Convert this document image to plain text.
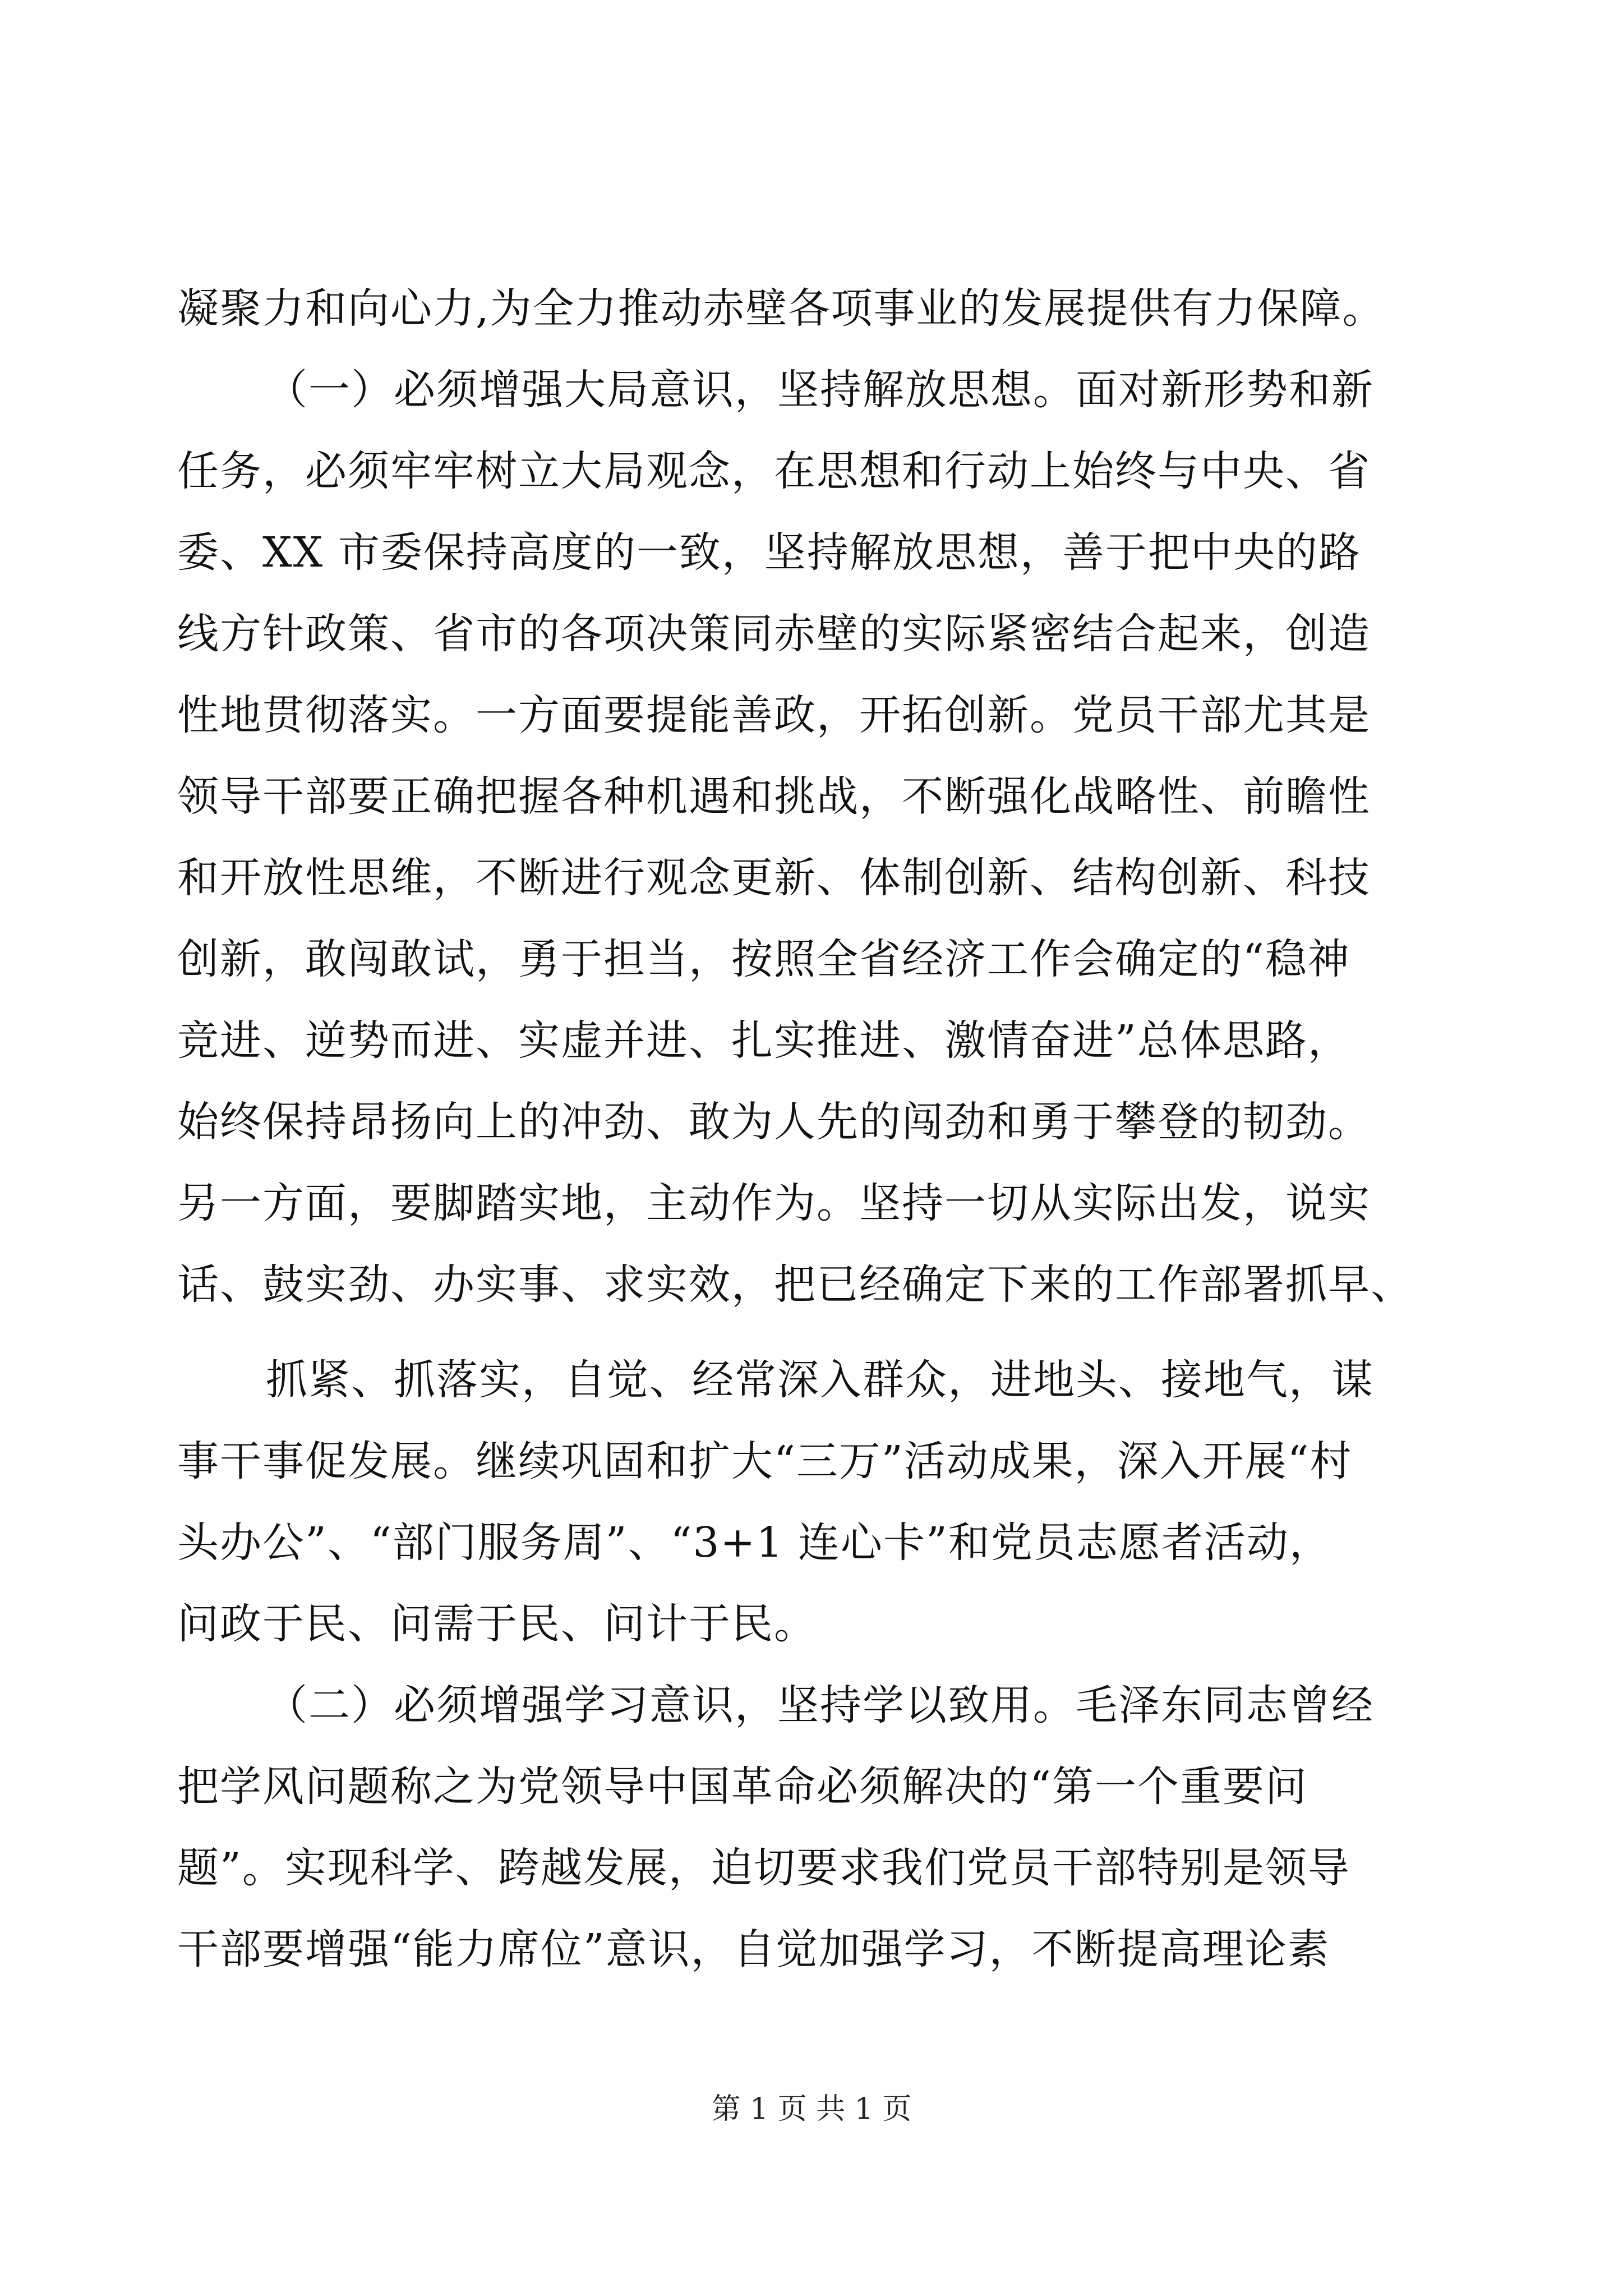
凝聚力和向心力,为全力推动赤壁各项事业的发展提供有力保障。
（一）必须增强大局意识，坚持解放思想。面对新形势和新
任务，必须牢牢树立大局观念，在思想和行动上始终与中央、省
委、XX 市委保持高度的一致，坚持解放思想，善于把中央的路
线方针政策、省市的各项决策同赤壁的实际紧密结合起来，创造
性地贯彻落实。一方面要提能善政，开拓创新。党员干部尤其是
领导干部要正确把握各种机遇和挑战，不断强化战略性、前瞻性
和开放性思维，不断进行观念更新、体制创新、结构创新、科技
创新，敢闯敢试，勇于担当，按照全省经济工作会确定的“稳神
竞进、逆势而进、实虚并进、扎实推进、激情奋进”总体思路，
始终保持昂扬向上的冲劲、敢为人先的闯劲和勇于攀登的韧劲。
另一方面，要脚踏实地，主动作为。坚持一切从实际出发，说实
话、鼓实劲、办实事、求实效，把已经确定下来的工作部署抓早、
抓紧、抓落实，自觉、经常深入群众，进地头、接地气，谋
事干事促发展。继续巩固和扩大“三万”活动成果，深入开展“村
头办公”、“部门服务周”、“3+1 连心卡”和党员志愿者活动，
问政于民、问需于民、问计于民。
（二）必须增强学习意识，坚持学以致用。毛泽东同志曾经
把学风问题称之为党领导中国革命必须解决的“第一个重要问
题”。实现科学、跨越发展，迫切要求我们党员干部特别是领导
干部要增强“能力席位”意识，自觉加强学习，不断提高理论素
第 1 页 共 1 页
